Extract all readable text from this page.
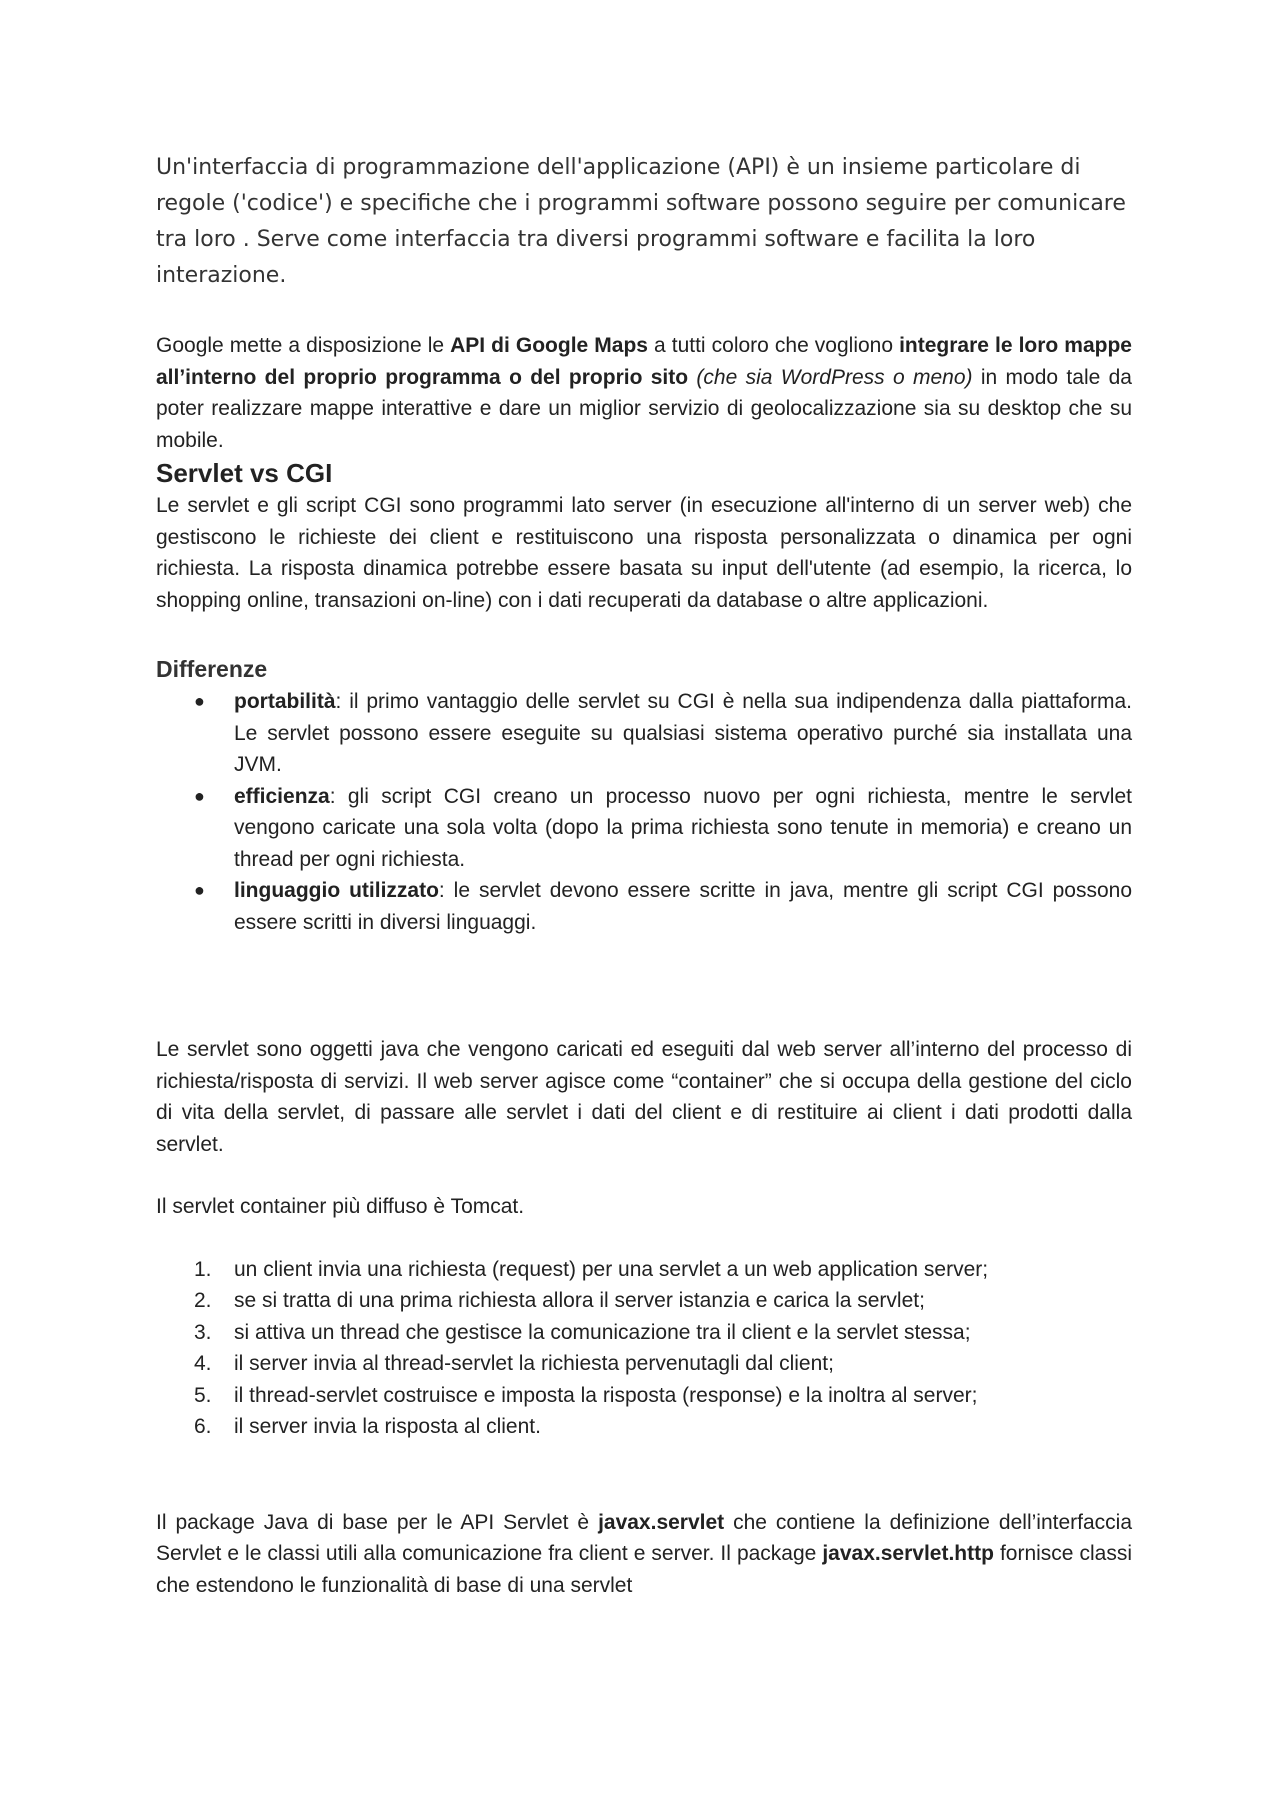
Un'interfaccia di programmazione dell'applicazione (API) è un insieme particolare di regole ('codice') e specifiche che i programmi software possono seguire per comunicare tra loro . Serve come interfaccia tra diversi programmi software e facilita la loro interazione.

Google mette a disposizione le API di Google Maps a tutti coloro che vogliono integrare le loro mappe all’interno del proprio programma o del proprio sito (che sia WordPress o meno) in modo tale da poter realizzare mappe interattive e dare un miglior servizio di geolocalizzazione sia su desktop che su mobile.

Servlet vs CGI

Le servlet e gli script CGI sono programmi lato server (in esecuzione all'interno di un server web) che gestiscono le richieste dei client e restituiscono una risposta personalizzata o dinamica per ogni richiesta. La risposta dinamica potrebbe essere basata su input dell'utente (ad esempio, la ricerca, lo shopping online, transazioni on-line) con i dati recuperati da database o altre applicazioni.

Differenze
● portabilità: il primo vantaggio delle servlet su CGI è nella sua indipendenza dalla piattaforma. Le servlet possono essere eseguite su qualsiasi sistema operativo purché sia installata una JVM.
● efficienza: gli script CGI creano un processo nuovo per ogni richiesta, mentre le servlet vengono caricate una sola volta (dopo la prima richiesta sono tenute in memoria) e creano un thread per ogni richiesta.
● linguaggio utilizzato: le servlet devono essere scritte in java, mentre gli script CGI possono essere scritti in diversi linguaggi.

Le servlet sono oggetti java che vengono caricati ed eseguiti dal web server all’interno del processo di richiesta/risposta di servizi. Il web server agisce come “container” che si occupa della gestione del ciclo di vita della servlet, di passare alle servlet i dati del client e di restituire ai client i dati prodotti dalla servlet.

Il servlet container più diffuso è Tomcat.

1. un client invia una richiesta (request) per una servlet a un web application server;
2. se si tratta di una prima richiesta allora il server istanzia e carica la servlet;
3. si attiva un thread che gestisce la comunicazione tra il client e la servlet stessa;
4. il server invia al thread-servlet la richiesta pervenutagli dal client;
5. il thread-servlet costruisce e imposta la risposta (response) e la inoltra al server;
6. il server invia la risposta al client.

Il package Java di base per le API Servlet è javax.servlet che contiene la definizione dell’interfaccia Servlet e le classi utili alla comunicazione fra client e server. Il package javax.servlet.http fornisce classi che estendono le funzionalità di base di una servlet
